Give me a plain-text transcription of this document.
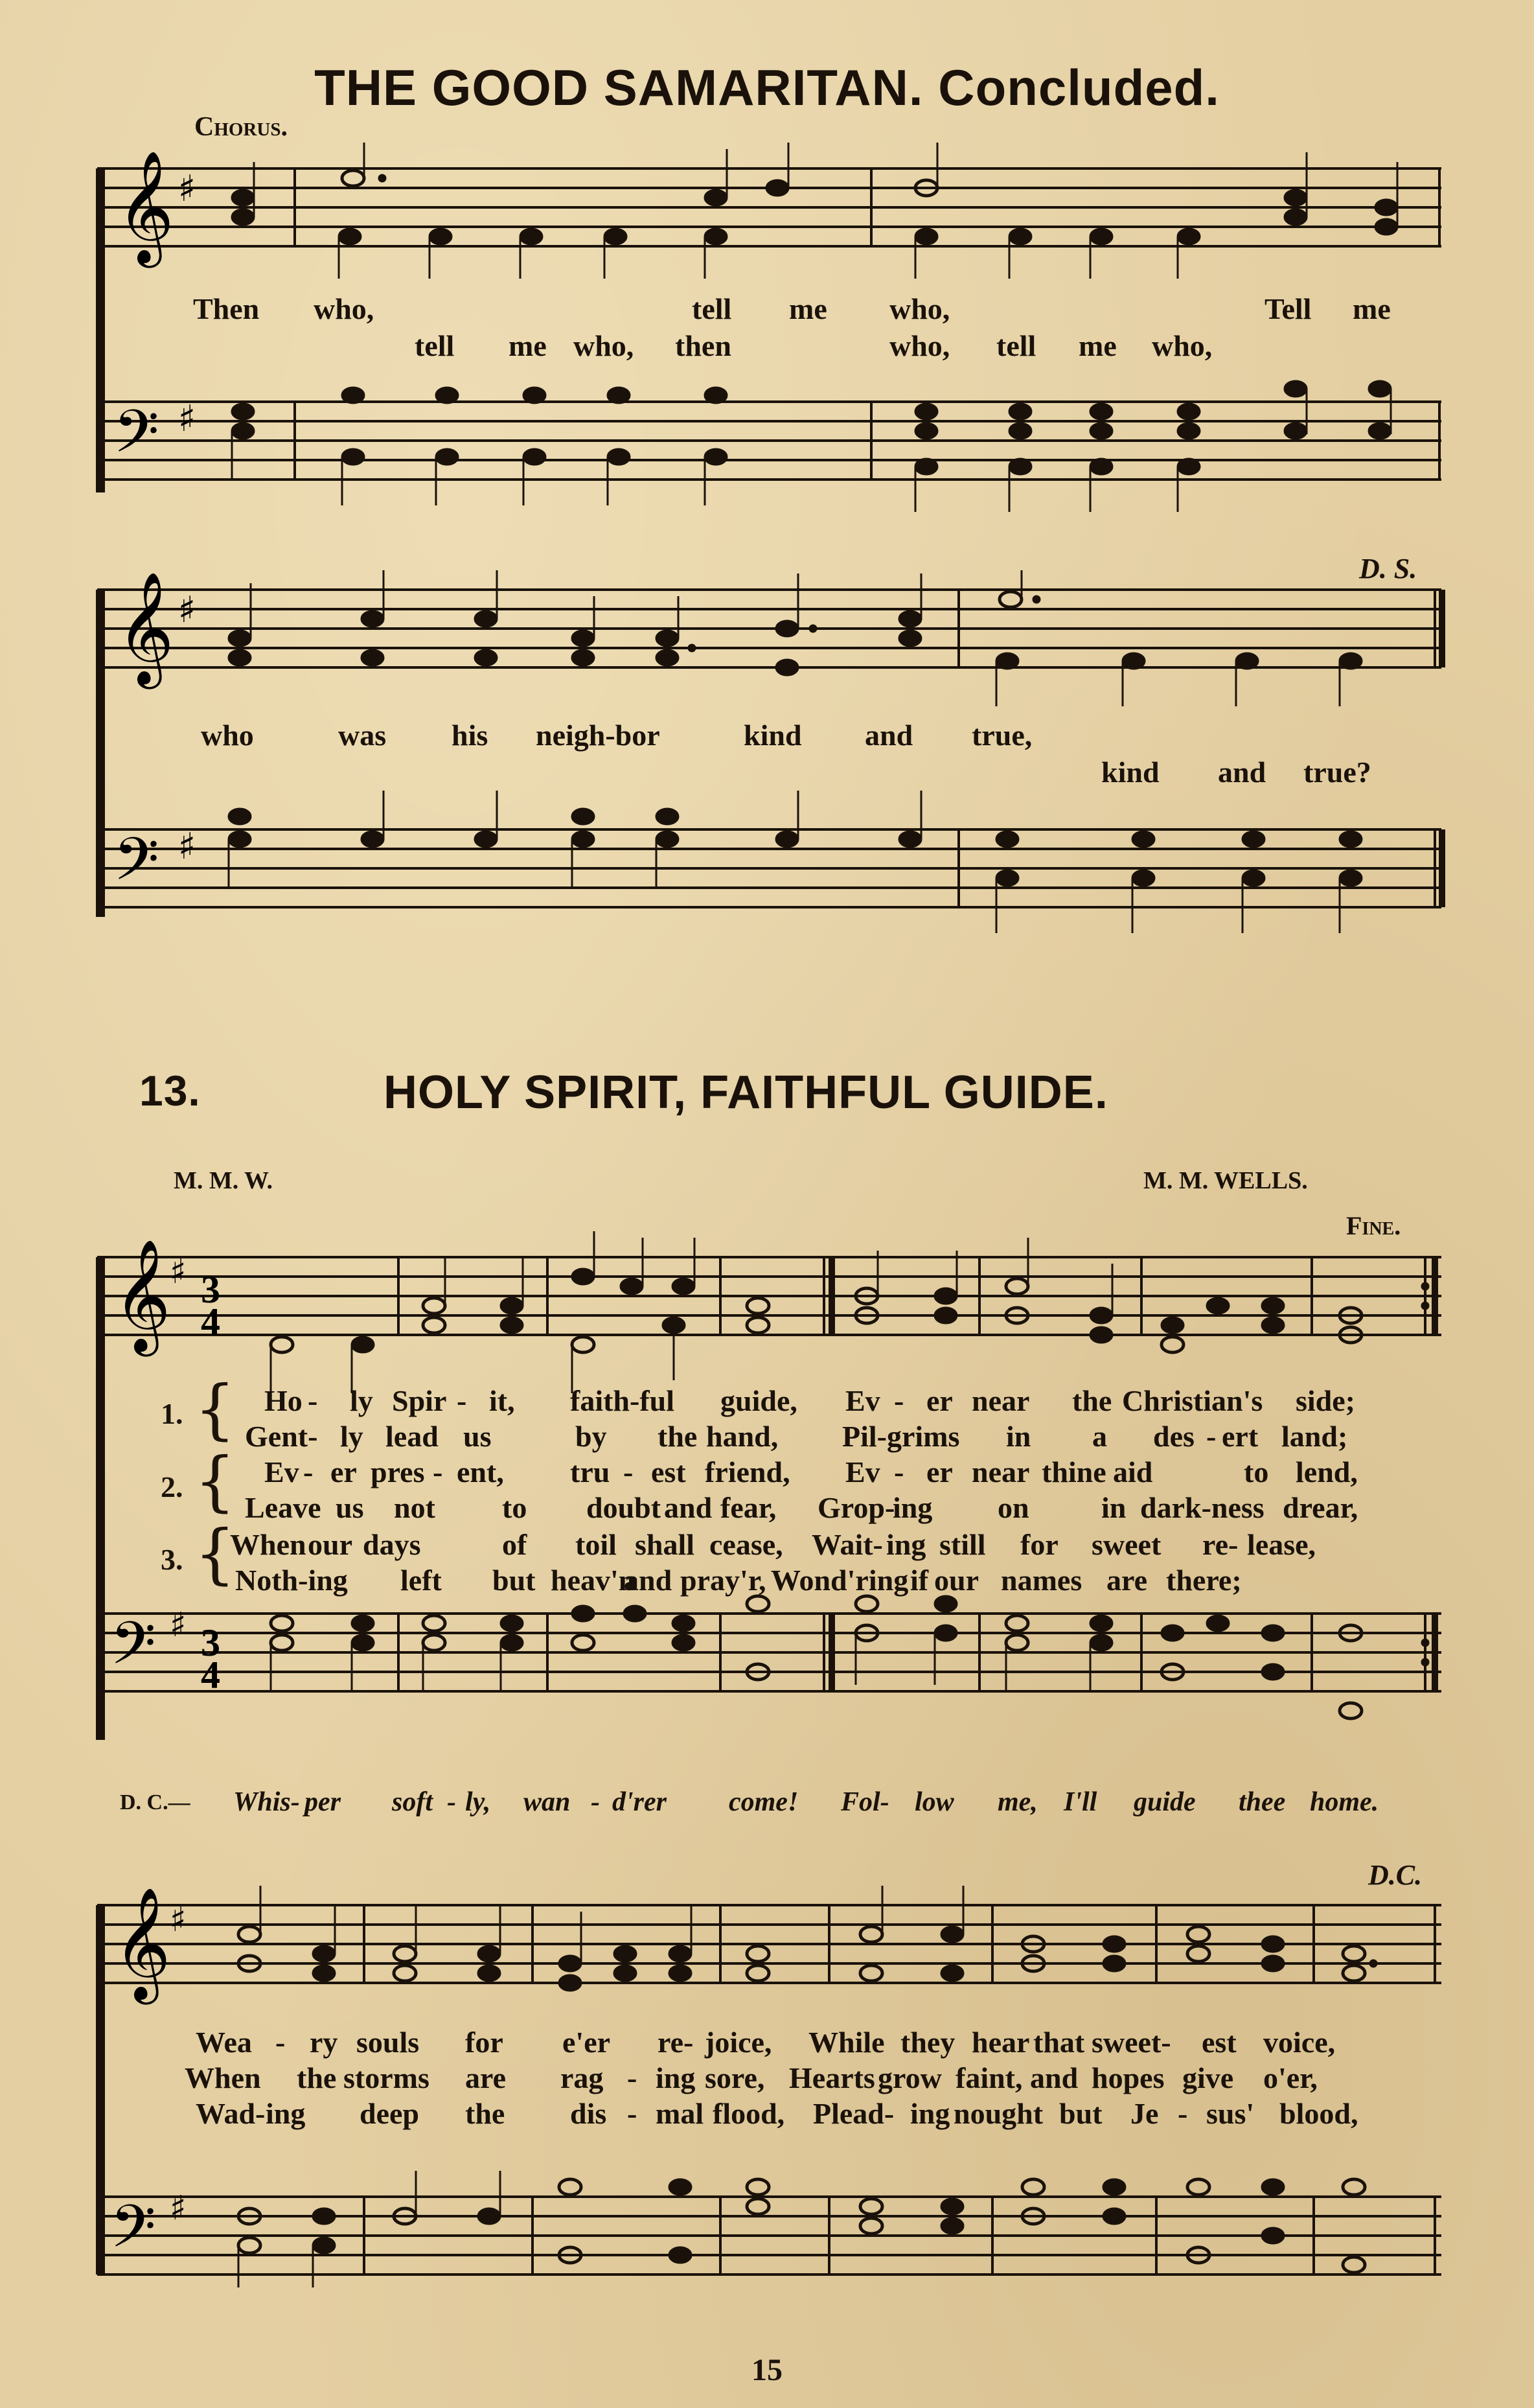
THE GOOD SAMARITAN. Concluded.
Chorus.
𝄞
𝄢
♯
♯
Then who,	tell me who,	Tell me
tell me who, then	who, tell me who,
D. S.
𝄞
𝄢
♯
♯
who	was his neigh-bor	kind and true,
kind and true?
13.	HOLY SPIRIT, FAITHFUL GUIDE.
M. M. W.	M. M. WELLS.
Fine.
𝄞
𝄢
♯
♯
3
4
3
4
1. { Ho - ly Spir - it, faith-ful guide, Ev - er near the Christian's side;
Gent- ly lead us	by the hand, Pil-grims in a des - ert land;
2. { Ev - er pres - ent, tru - est friend, Ev - er near thine aid	to lend,
Leave us not to doubt and fear, Grop-
ing on in dark-ness drear,
3. {
When our days	of toil shall cease, Wait- ing still for sweet re- lease,
Noth-ing left but heav'n
and pray'r, Wond'ring if our names are there;
D. C.— Whis- per soft - ly, wan - d'rer come! Fol- low me, I'll guide thee home.
D.C.
𝄞
𝄢
♯
♯
Wea - ry souls for e'er re- joice, While they hear that sweet- est voice,
When the storms are rag - ing sore, Hearts grow faint, and hopes give o'er,
Wad- ing deep the dis - mal flood, Plead- ing nought but Je - sus' blood,
15
